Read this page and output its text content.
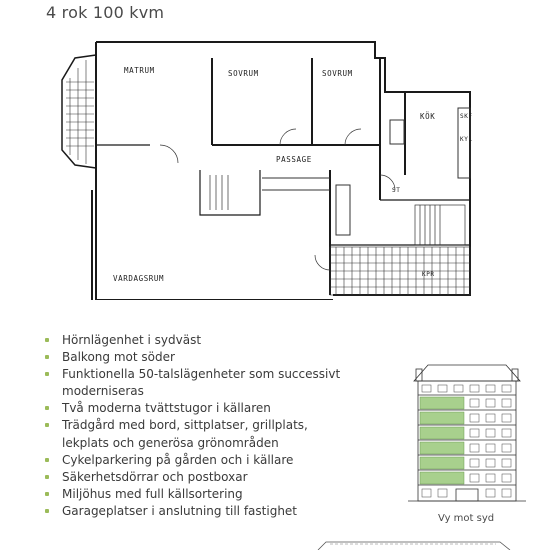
4 rok 100 kvm
MATRUM	SOVRUM	SOVRUM
KÖK	SKF
KYL
PASSAGE
VARDAGSRUM
ST
KPR
Hörnlägenhet i sydväst
Balkong mot söder
Funktionella 50-talslägenheter som successivt moderniseras
Två moderna tvättstugor i källaren
Trädgård med bord, sittplatser, grillplats, lekplats och generösa grönområden
Cykelparkering på gården och i källare
Säkerhetsdörrar och postboxar
Miljöhus med full källsortering
Garageplatser i anslutning till fastighet
Vy mot syd
